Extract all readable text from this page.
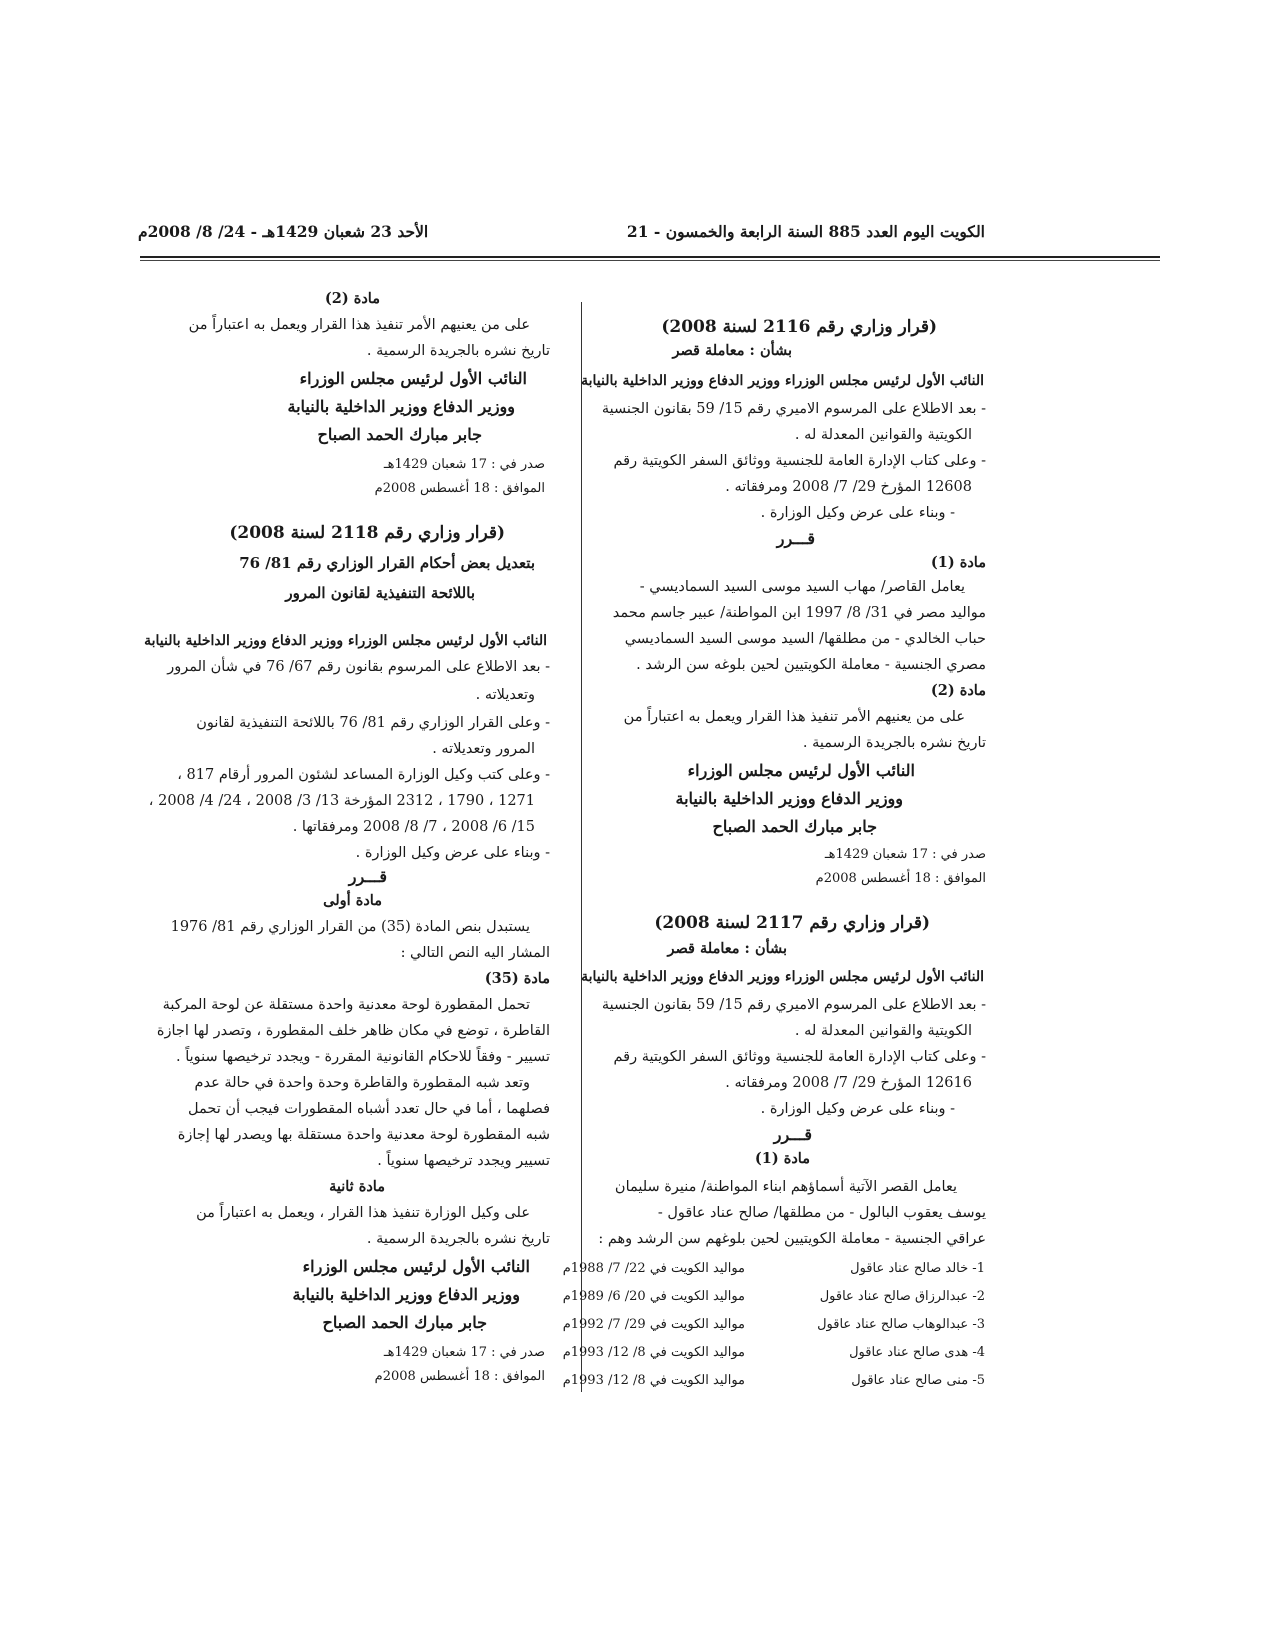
الكويت اليوم العدد 885 السنة الرابعة والخمسون - 21
الأحد 23 شعبان 1429هـ - 24/ 8/ 2008م
(قرار وزاري رقم 2116 لسنة 2008)
بشأن : معاملة قصر
النائب الأول لرئيس مجلس الوزراء ووزير الدفاع ووزير الداخلية بالنيابة
- بعد الاطلاع على المرسوم الاميري رقم 15/ 59 بقانون الجنسية
الكويتية والقوانين المعدلة له .
- وعلى كتاب الإدارة العامة للجنسية ووثائق السفر الكويتية رقم
12608 المؤرخ 29/ 7/ 2008 ومرفقاته .
- وبناء على عرض وكيل الوزارة .
قـــرر
مادة (1)
يعامل القاصر/ مهاب السيد موسى السيد السماديسي -
مواليد مصر في 31/ 8/ 1997 ابن المواطنة/ عبير جاسم محمد
حباب الخالدي - من مطلقها/ السيد موسى السيد السماديسي
مصري الجنسية - معاملة الكويتيين لحين بلوغه سن الرشد .
مادة (2)
على من يعنيهم الأمر تنفيذ هذا القرار ويعمل به اعتباراً من
تاريخ نشره بالجريدة الرسمية .
النائب الأول لرئيس مجلس الوزراء
ووزير الدفاع ووزير الداخلية بالنيابة
جابر مبارك الحمد الصباح
صدر في : 17 شعبان 1429هـ
الموافق : 18 أغسطس 2008م
(قرار وزاري رقم 2117 لسنة 2008)
بشأن : معاملة قصر
النائب الأول لرئيس مجلس الوزراء ووزير الدفاع ووزير الداخلية بالنيابة
- بعد الاطلاع على المرسوم الاميري رقم 15/ 59 بقانون الجنسية
الكويتية والقوانين المعدلة له .
- وعلى كتاب الإدارة العامة للجنسية ووثائق السفر الكويتية رقم
12616 المؤرخ 29/ 7/ 2008 ومرفقاته .
- وبناء على عرض وكيل الوزارة .
قـــرر
مادة (1)
يعامل القصر الآتية أسماؤهم ابناء المواطنة/ منيرة سليمان
يوسف يعقوب البالول - من مطلقها/ صالح عناد عاقول -
عراقي الجنسية - معاملة الكويتيين لحين بلوغهم سن الرشد وهم :
1- خالد صالح عناد عاقول
مواليد الكويت في 22/ 7/ 1988م
2- عبدالرزاق صالح عناد عاقول
مواليد الكويت في 20/ 6/ 1989م
3- عبدالوهاب صالح عناد عاقول
مواليد الكويت في 29/ 7/ 1992م
4- هدى صالح عناد عاقول
مواليد الكويت في 8/ 12/ 1993م
5- منى صالح عناد عاقول
مواليد الكويت في 8/ 12/ 1993م
مادة (2)
على من يعنيهم الأمر تنفيذ هذا القرار ويعمل به اعتباراً من
تاريخ نشره بالجريدة الرسمية .
النائب الأول لرئيس مجلس الوزراء
ووزير الدفاع ووزير الداخلية بالنيابة
جابر مبارك الحمد الصباح
صدر في : 17 شعبان 1429هـ
الموافق : 18 أغسطس 2008م
(قرار وزاري رقم 2118 لسنة 2008)
بتعديل بعض أحكام القرار الوزاري رقم 81/ 76
باللائحة التنفيذية لقانون المرور
النائب الأول لرئيس مجلس الوزراء ووزير الدفاع ووزير الداخلية بالنيابة
- بعد الاطلاع على المرسوم بقانون رقم 67/ 76 في شأن المرور
وتعديلاته .
- وعلى القرار الوزاري رقم 81/ 76 باللائحة التنفيذية لقانون
المرور وتعديلاته .
- وعلى كتب وكيل الوزارة المساعد لشئون المرور أرقام 817 ،
1271 ، 1790 ، 2312 المؤرخة 13/ 3/ 2008 ، 24/ 4/ 2008 ،
15/ 6/ 2008 ، 7/ 8/ 2008 ومرفقاتها .
- وبناء على عرض وكيل الوزارة .
قـــرر
مادة أولى
يستبدل بنص المادة (35) من القرار الوزاري رقم 81/ 1976
المشار اليه النص التالي :
مادة (35)
تحمل المقطورة لوحة معدنية واحدة مستقلة عن لوحة المركبة
القاطرة ، توضع في مكان ظاهر خلف المقطورة ، وتصدر لها اجازة
تسيير - وفقاً للاحكام القانونية المقررة - ويجدد ترخيصها سنوياً .
وتعد شبه المقطورة والقاطرة وحدة واحدة في حالة عدم
فصلهما ، أما في حال تعدد أشباه المقطورات فيجب أن تحمل
شبه المقطورة لوحة معدنية واحدة مستقلة بها ويصدر لها إجازة
تسيير ويجدد ترخيصها سنوياً .
مادة ثانية
على وكيل الوزارة تنفيذ هذا القرار ، ويعمل به اعتباراً من
تاريخ نشره بالجريدة الرسمية .
النائب الأول لرئيس مجلس الوزراء
ووزير الدفاع ووزير الداخلية بالنيابة
جابر مبارك الحمد الصباح
صدر في : 17 شعبان 1429هـ
الموافق : 18 أغسطس 2008م
